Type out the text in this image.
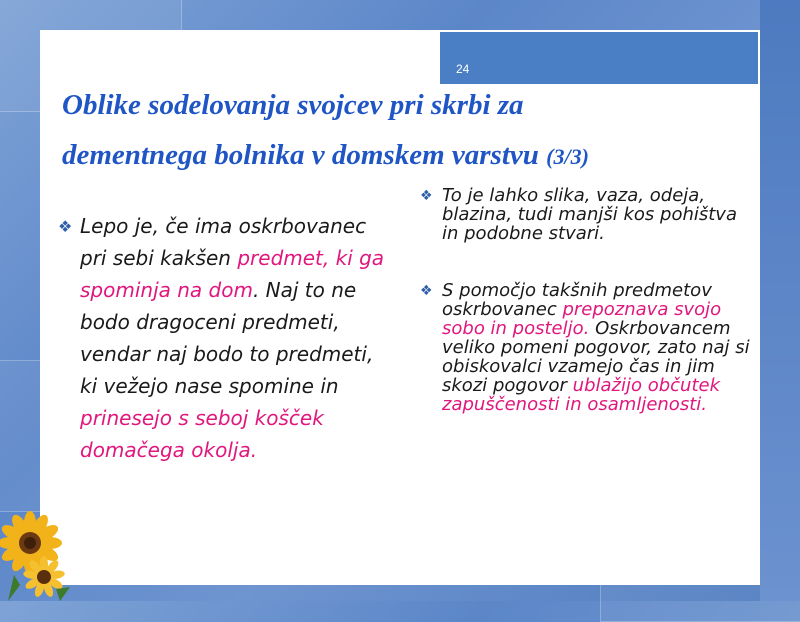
24
Oblike sodelovanja svojcev pri skrbi za
dementnega bolnika v domskem varstvu (3/3)
❖ Lepo je, če ima oskrbovanec pri sebi kakšen predmet, ki ga spominja na dom. Naj to ne bodo dragoceni predmeti, vendar naj bodo to predmeti, ki vežejo nase spomine in prinesejo s seboj košček domačega okolja.
❖ To je lahko slika, vaza, odeja, blazina, tudi manjši kos pohištva in podobne stvari.
❖ S pomočjo takšnih predmetov oskrbovanec prepoznava svojo sobo in posteljo. Oskrbovancem veliko pomeni pogovor, zato naj si obiskovalci vzamejo čas in jim skozi pogovor ublažijo občutek zapuščenosti in osamljenosti.
